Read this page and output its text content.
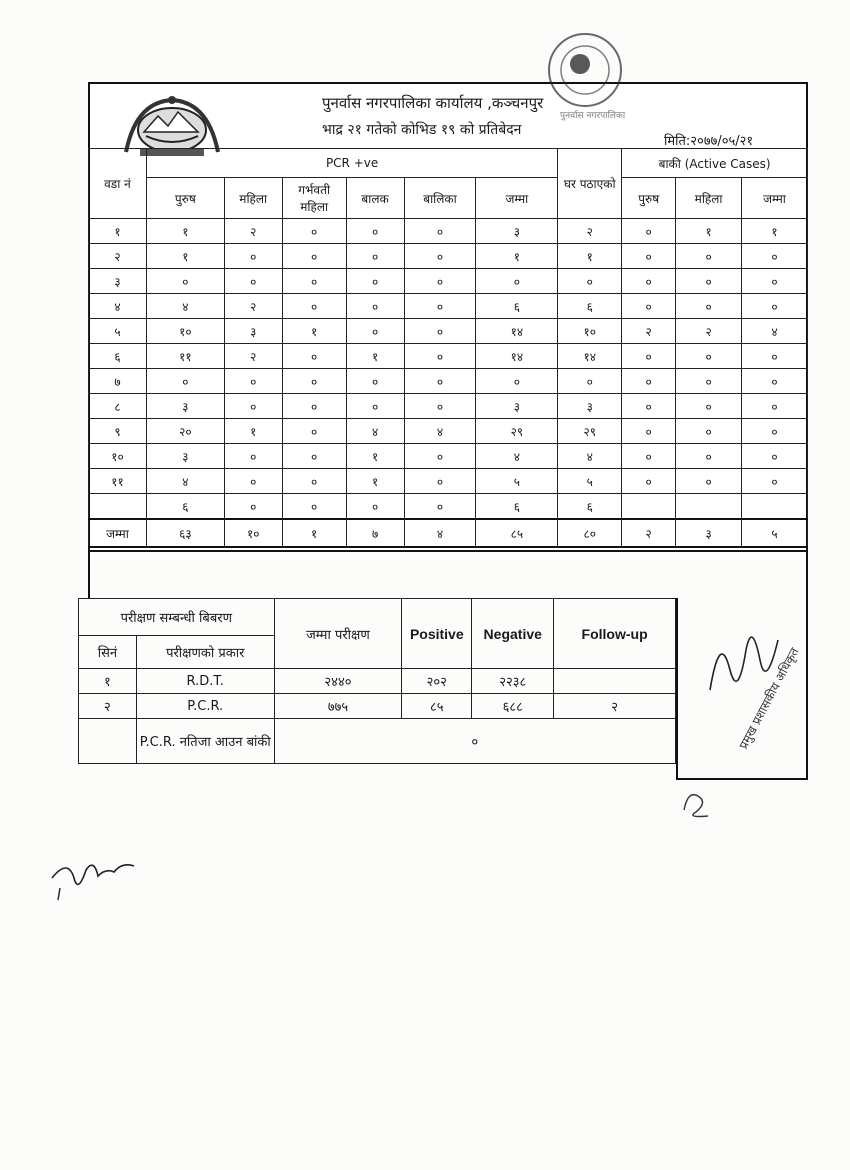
पुनर्वास नगरपालिका
पुनर्वास नगरपालिका कार्यालय ,कञ्चनपुर
भाद्र २१ गतेको कोभिड १९ को प्रतिबेदन
मिति:२०७७/०५/२१
वडा नं	PCR +ve						घर पठाएको	बाकी (Active Cases)		
	पुरुष	महिला	गर्भवती महिला	बालक	बालिका	जम्मा		पुरुष	महिला	जम्मा
१	१	२	०	०	०	३	२	०	१	१
२	१	०	०	०	०	१	१	०	०	०
३	०	०	०	०	०	०	०	०	०	०
४	४	२	०	०	०	६	६	०	०	०
५	१०	३	१	०	०	१४	१०	२	२	४
६	११	२	०	१	०	१४	१४	०	०	०
७	०	०	०	०	०	०	०	०	०	०
८	३	०	०	०	०	३	३	०	०	०
९	२०	१	०	४	४	२९	२९	०	०	०
१०	३	०	०	१	०	४	४	०	०	०
११	४	०	०	१	०	५	५	०	०	०
	६	०	०	०	०	६	६			
जम्मा	६३	१०	१	७	४	८५	८०	२	३	५
परीक्षण सम्बन्धी बिबरण		जम्मा परीक्षण	Positive	Negative	Follow-up
सिनं	परीक्षणको प्रकार				
१	R.D.T.	२४४०	२०२	२२३८	
२	P.C.R.	७७५	८५	६८८	२
	P.C.R. नतिजा आउन बांकी	०				प्रमुख प्रशासकीय अधिकृत
